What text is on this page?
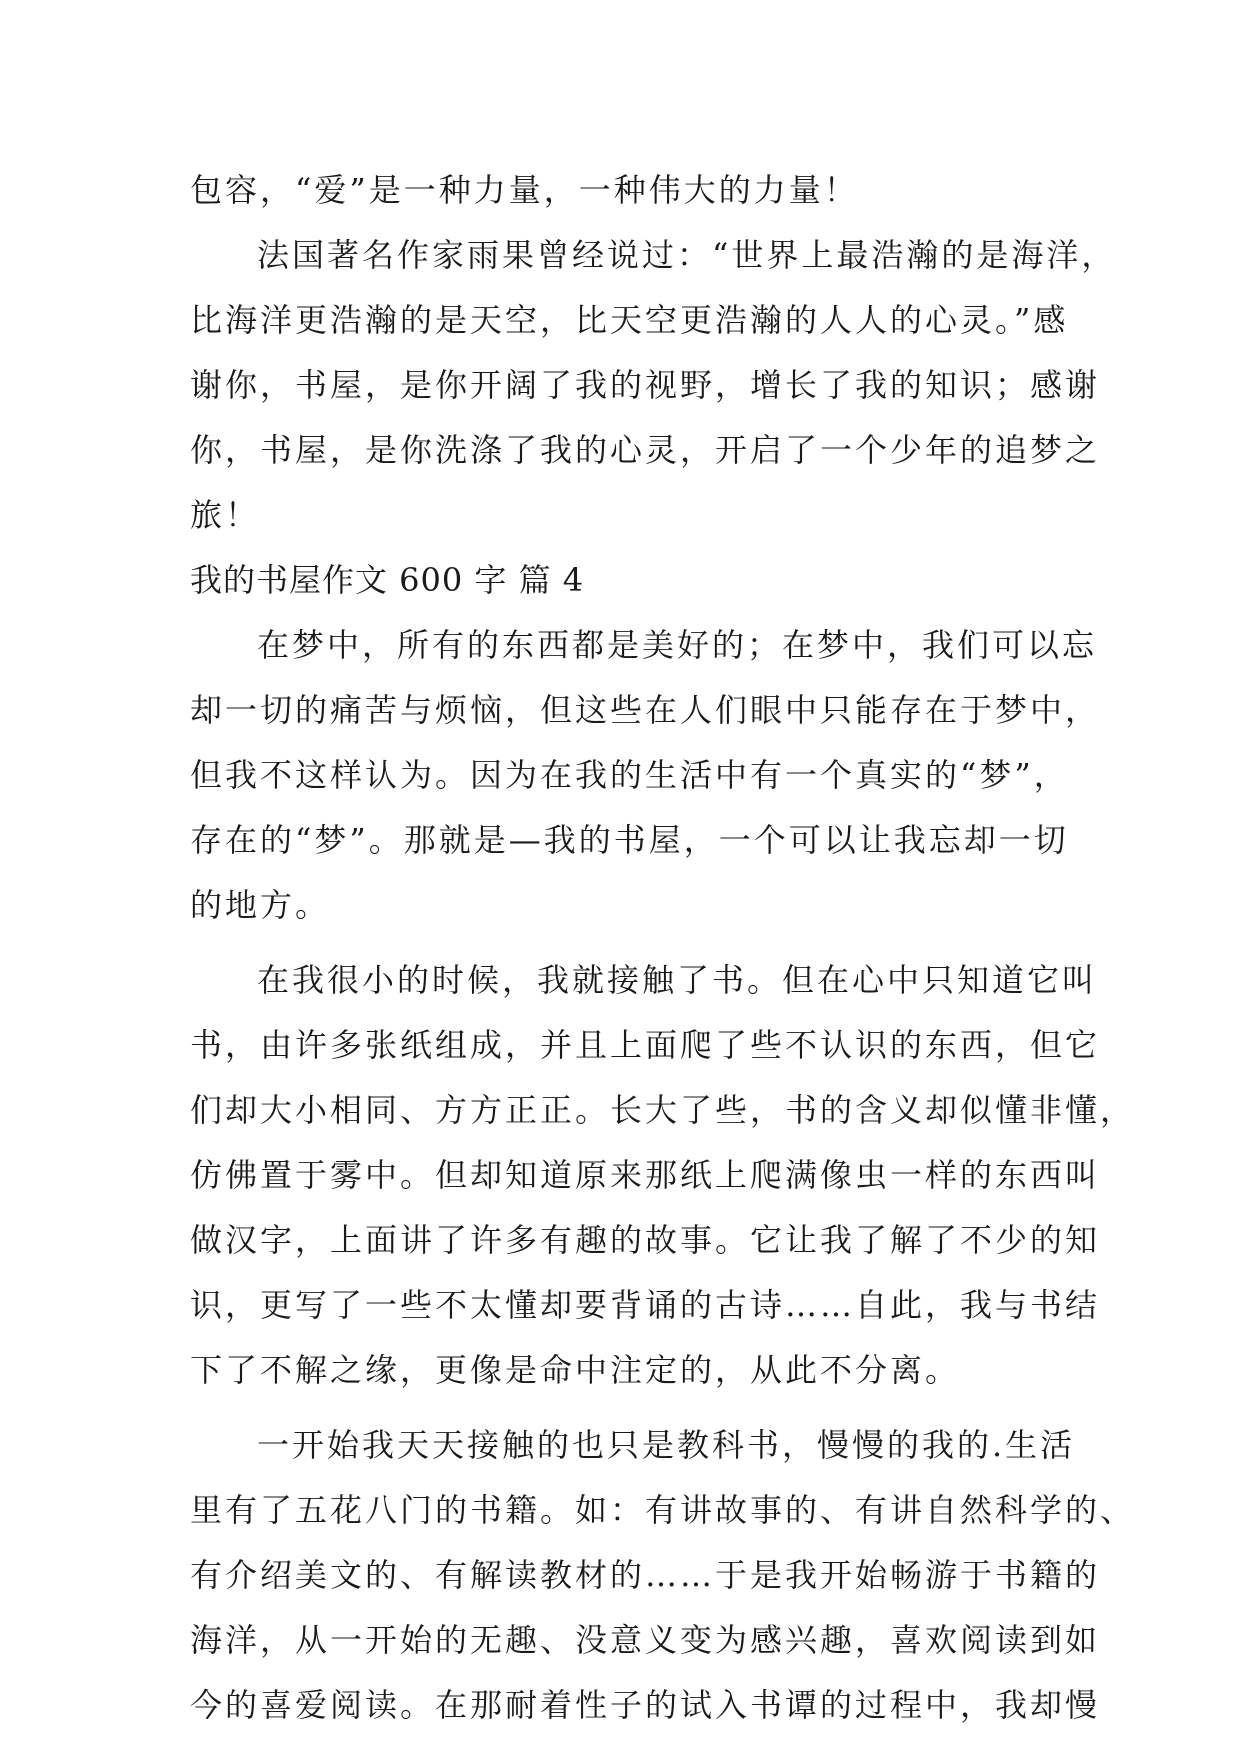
包容，“爱”是一种力量，一种伟大的力量！
法国著名作家雨果曾经说过：“世界上最浩瀚的是海洋，
比海洋更浩瀚的是天空，比天空更浩瀚的人人的心灵。”感
谢你，书屋，是你开阔了我的视野，增长了我的知识；感谢
你，书屋，是你洗涤了我的心灵，开启了一个少年的追梦之
旅！
我的书屋作文 600 字 篇 4
在梦中，所有的东西都是美好的；在梦中，我们可以忘
却一切的痛苦与烦恼，但这些在人们眼中只能存在于梦中，
但我不这样认为。因为在我的生活中有一个真实的“梦”，
存在的“梦”。那就是—我的书屋，一个可以让我忘却一切
的地方。
在我很小的时候，我就接触了书。但在心中只知道它叫
书，由许多张纸组成，并且上面爬了些不认识的东西，但它
们却大小相同、方方正正。长大了些，书的含义却似懂非懂，
仿佛置于雾中。但却知道原来那纸上爬满像虫一样的东西叫
做汉字，上面讲了许多有趣的故事。它让我了解了不少的知
识，更写了一些不太懂却要背诵的古诗……自此，我与书结
下了不解之缘，更像是命中注定的，从此不分离。
一开始我天天接触的也只是教科书，慢慢的我的.生活
里有了五花八门的书籍。如：有讲故事的、有讲自然科学的、
有介绍美文的、有解读教材的……于是我开始畅游于书籍的
海洋，从一开始的无趣、没意义变为感兴趣，喜欢阅读到如
今的喜爱阅读。在那耐着性子的试入书谭的过程中，我却慢
